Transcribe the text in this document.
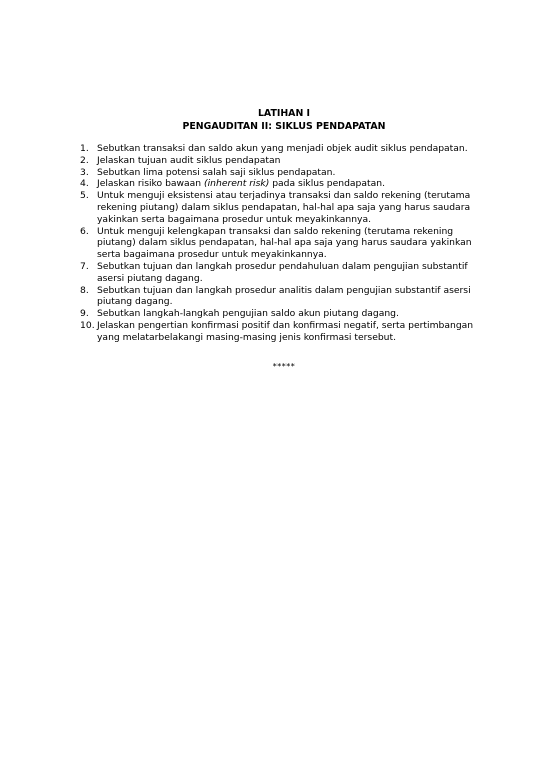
LATIHAN I
PENGAUDITAN II: SIKLUS PENDAPATAN
1. Sebutkan transaksi dan saldo akun yang menjadi objek audit siklus pendapatan.
2. Jelaskan tujuan audit siklus pendapatan
3. Sebutkan lima potensi salah saji siklus pendapatan.
4. Jelaskan risiko bawaan (inherent risk) pada siklus pendapatan.
5. Untuk menguji eksistensi atau terjadinya transaksi dan saldo rekening (terutama rekening piutang) dalam siklus pendapatan, hal-hal apa saja yang harus saudara yakinkan serta bagaimana prosedur untuk meyakinkannya.
6. Untuk menguji kelengkapan transaksi dan saldo rekening (terutama rekening piutang) dalam siklus pendapatan, hal-hal apa saja yang harus saudara yakinkan serta bagaimana prosedur untuk meyakinkannya.
7. Sebutkan tujuan dan langkah prosedur pendahuluan dalam pengujian substantif asersi piutang dagang.
8. Sebutkan tujuan dan langkah prosedur analitis dalam pengujian substantif asersi piutang dagang.
9. Sebutkan langkah-langkah pengujian saldo akun piutang dagang.
10. Jelaskan pengertian konfirmasi positif dan konfirmasi negatif, serta pertimbangan yang melatarbelakangi masing-masing jenis konfirmasi tersebut.
*****
